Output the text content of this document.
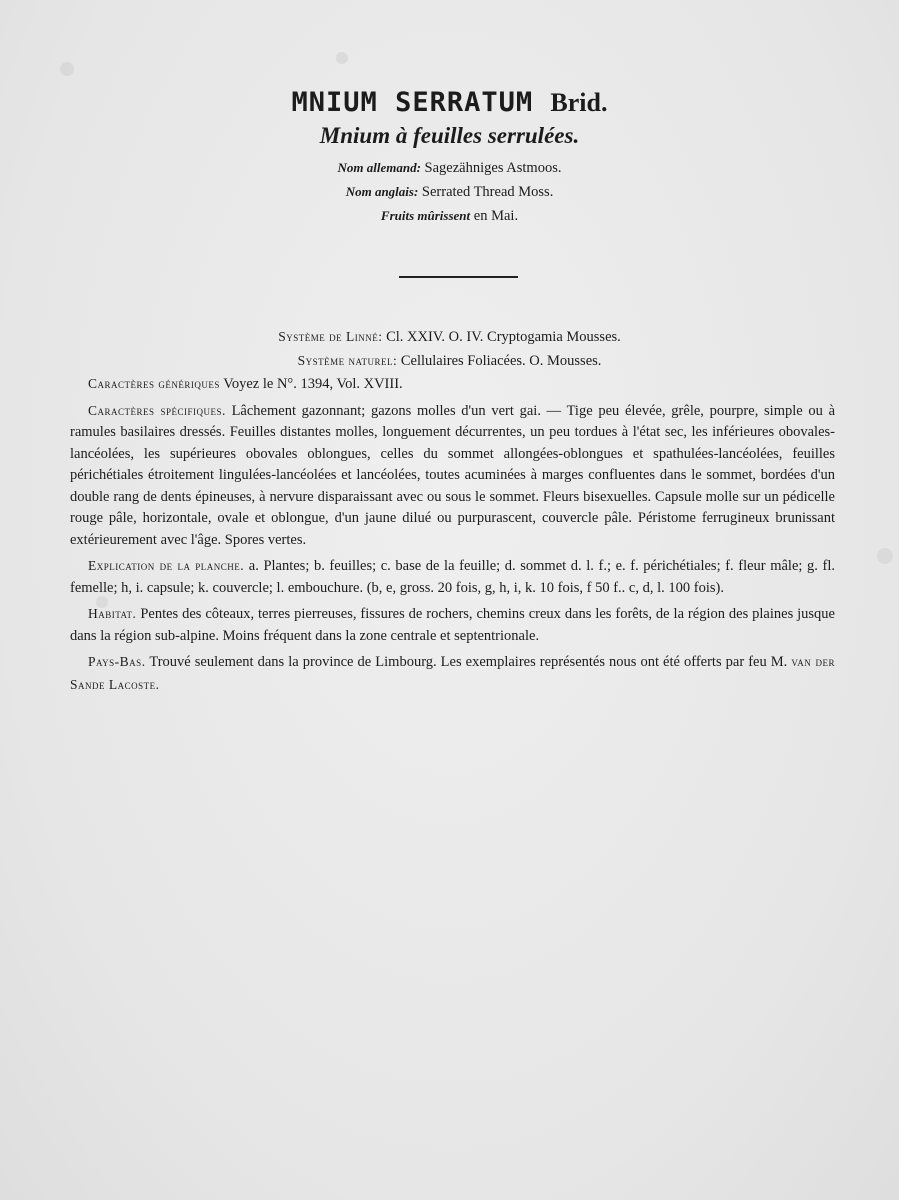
MNIUM SERRATUM Brid.
Mnium à feuilles serrulées.
Nom allemand: Sagezähniges Astmoos.
Nom anglais: Serrated Thread Moss.
Fruits mûrissent en Mai.
Système de Linné: Cl. XXIV. O. IV. Cryptogamia Mousses.
Système naturel: Cellulaires Foliacées. O. Mousses.

Caractères génériques Voyez le N°. 1394, Vol. XVIII.

Caractères spécifiques. Lâchement gazonnant; gazons molles d'un vert gai. — Tige peu élevée, grêle, pourpre, simple ou à ramules basilaires dressés. Feuilles distantes molles, longuement décurrentes, un peu tordues à l'état sec, les inférieures obovales-lancéolées, les supérieures obovales oblongues, celles du sommet allongées-oblongues et spathulées-lancéolées, feuilles périchétiales étroitement lingulées-lancéolées et lancéolées, toutes acuminées à marges confluentes dans le sommet, bordées d'un double rang de dents épineuses, à nervure disparaissant avec ou sous le sommet. Fleurs bisexuelles. Capsule molle sur un pédicelle rouge pâle, horizontale, ovale et oblongue, d'un jaune dilué ou purpurascent, couvercle pâle. Péristome ferrugineux brunissant extérieurement avec l'âge. Spores vertes.

Explication de la planche. a. Plantes; b. feuilles; c. base de la feuille; d. sommet d. l. f.; e. f. périchétiales; f. fleur mâle; g. fl. femelle; h, i. capsule; k. couvercle; l. embouchure. (b, e, gross. 20 fois, g, h, i, k. 10 fois, f 50 f.. c, d, l. 100 fois).

Habitat. Pentes des côteaux, terres pierreuses, fissures de rochers, chemins creux dans les forêts, de la région des plaines jusque dans la région sub-alpine. Moins fréquent dans la zone centrale et septentrionale.

Pays-Bas. Trouvé seulement dans la province de Limbourg. Les exemplaires représentés nous ont été offerts par feu M. van der Sande Lacoste.
